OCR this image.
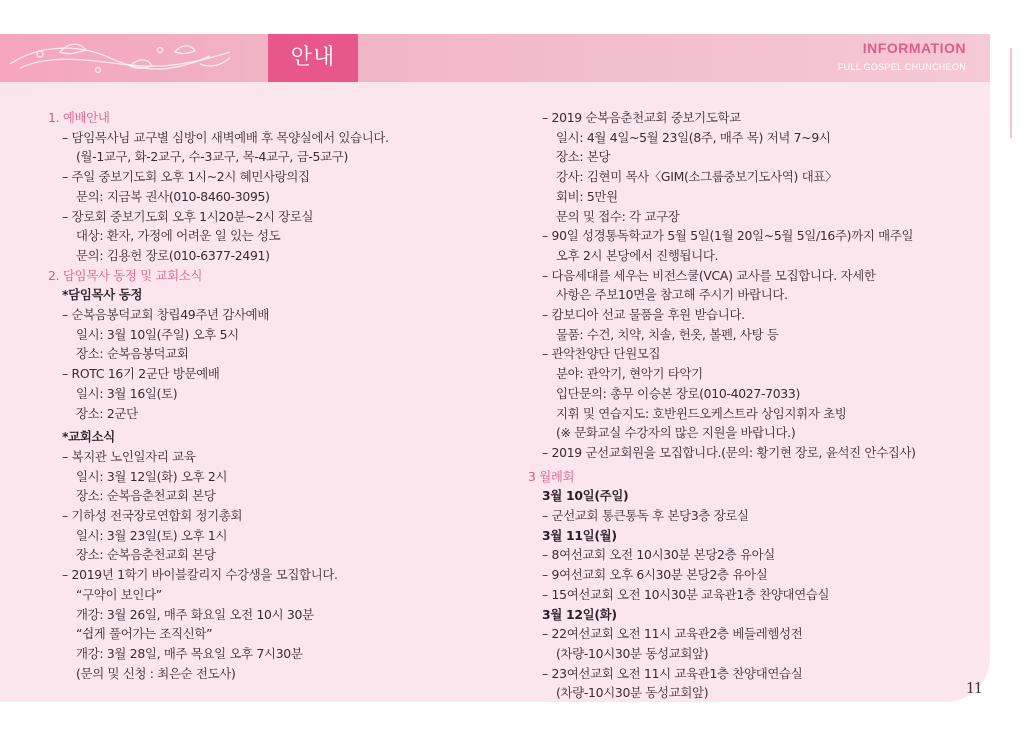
안내	INFORMATION
FULL GOSPEL CHUNCHEON
1. 예배안내
– 담임목사님 교구별 심방이 새벽예배 후 목양실에서 있습니다.
(월-1교구, 화-2교구, 수-3교구, 목-4교구, 금-5교구)
– 주일 중보기도회 오후 1시~2시 혜민사랑의집
문의: 지금복 권사(010-8460-3095)
– 장로회 중보기도회 오후 1시20분~2시 장로실
대상: 환자, 가정에 어려운 일 있는 성도
문의: 김용헌 장로(010-6377-2491)
2. 담임목사 동정 및 교회소식
*담임목사 동정
– 순복음봉덕교회 창립49주년 감사예배
일시: 3월 10일(주일) 오후 5시
장소: 순복음봉덕교회
– ROTC 16기 2군단 방문예배
일시: 3월 16일(토)
장소: 2군단
*교회소식
– 복지관 노인일자리 교육
일시: 3월 12일(화) 오후 2시
장소: 순복음춘천교회 본당
– 기하성 전국장로연합회 정기총회
일시: 3월 23일(토) 오후 1시
장소: 순복음춘천교회 본당
– 2019년 1학기 바이블칼리지 수강생을 모집합니다.
“구약이 보인다”
개강: 3월 26일, 매주 화요일 오전 10시 30분
“쉽게 풀어가는 조직신학”
개강: 3월 28일, 매주 목요일 오후 7시30분
(문의 및 신청 : 최은순 전도사)
– 2019 순복음춘천교회 중보기도학교
일시: 4월 4일~5월 23일(8주, 매주 목) 저녁 7~9시
장소: 본당
강사: 김현미 목사〈GIM(소그룹중보기도사역) 대표〉
회비: 5만원
문의 및 접수: 각 교구장
– 90일 성경통독학교가 5월 5일(1월 20일~5월 5일/16주)까지 매주일
오후 2시 본당에서 진행됩니다.
– 다음세대를 세우는 비전스쿨(VCA) 교사를 모집합니다. 자세한
사항은 주보10면을 참고해 주시기 바랍니다.
– 캄보디아 선교 물품을 후원 받습니다.
물품: 수건, 치약, 치솔, 헌옷, 볼펜, 사탕 등
– 관악찬양단 단원모집
분야: 관악기, 현악기 타악기
입단문의: 총무 이승본 장로(010-4027-7033)
지휘 및 연습지도: 호반윈드오케스트라 상임지휘자 초빙
(※ 문화교실 수강자의 많은 지원을 바랍니다.)
– 2019 군선교회원을 모집합니다.(문의: 황기현 장로, 윤석진 안수집사)
3 월례회
3월 10일(주일)
– 군선교회 통큰통독 후 본당3층 장로실
3월 11일(월)
– 8여선교회 오전 10시30분 본당2층 유아실
– 9여선교회 오후 6시30분 본당2층 유아실
– 15여선교회 오전 10시30분 교육관1층 찬양대연습실
3월 12일(화)
– 22여선교회 오전 11시 교육관2층 베들레헴성전
(차량-10시30분 동성교회앞)
– 23여선교회 오전 11시 교육관1층 찬양대연습실
(차량-10시30분 동성교회앞)	11
